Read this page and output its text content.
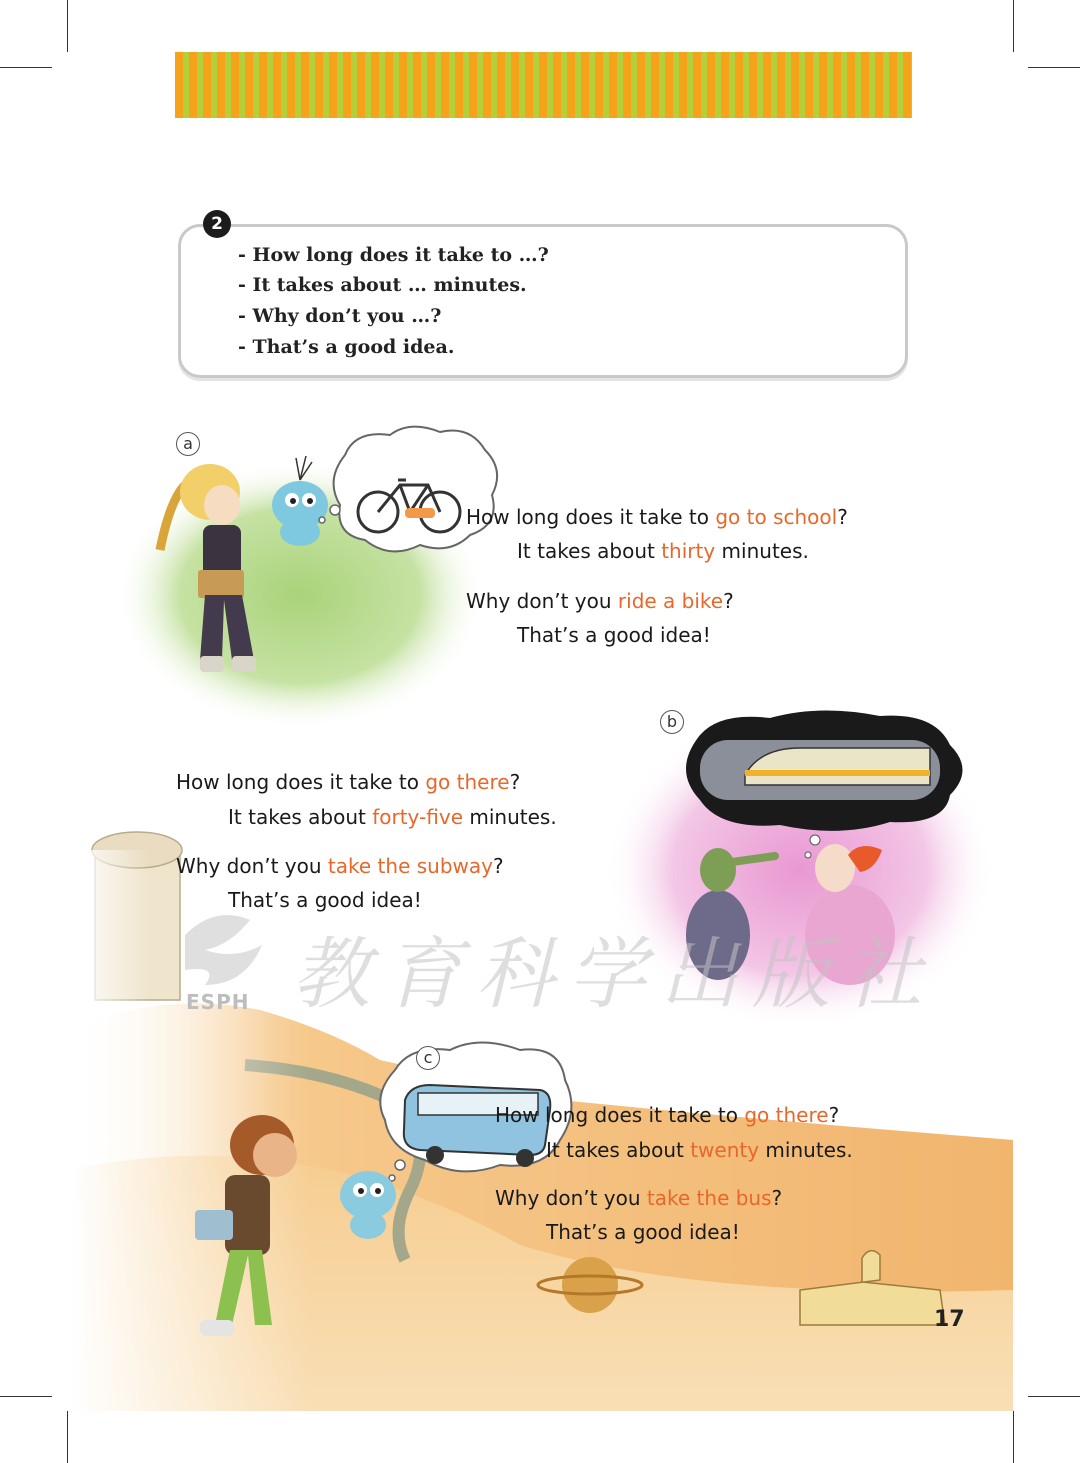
2
- How long does it take to …?
- It takes about … minutes.
- Why don’t you …?
- That’s a good idea.
ESPH 教育科学出版社
a
How long does it take to go to school?
It takes about thirty minutes.
Why don’t you ride a bike?
That’s a good idea!
b
How long does it take to go there?
It takes about forty-five minutes.
Why don’t you take the subway?
That’s a good idea!
c
How long does it take to go there?
It takes about twenty minutes.
Why don’t you take the bus?
That’s a good idea!
17
